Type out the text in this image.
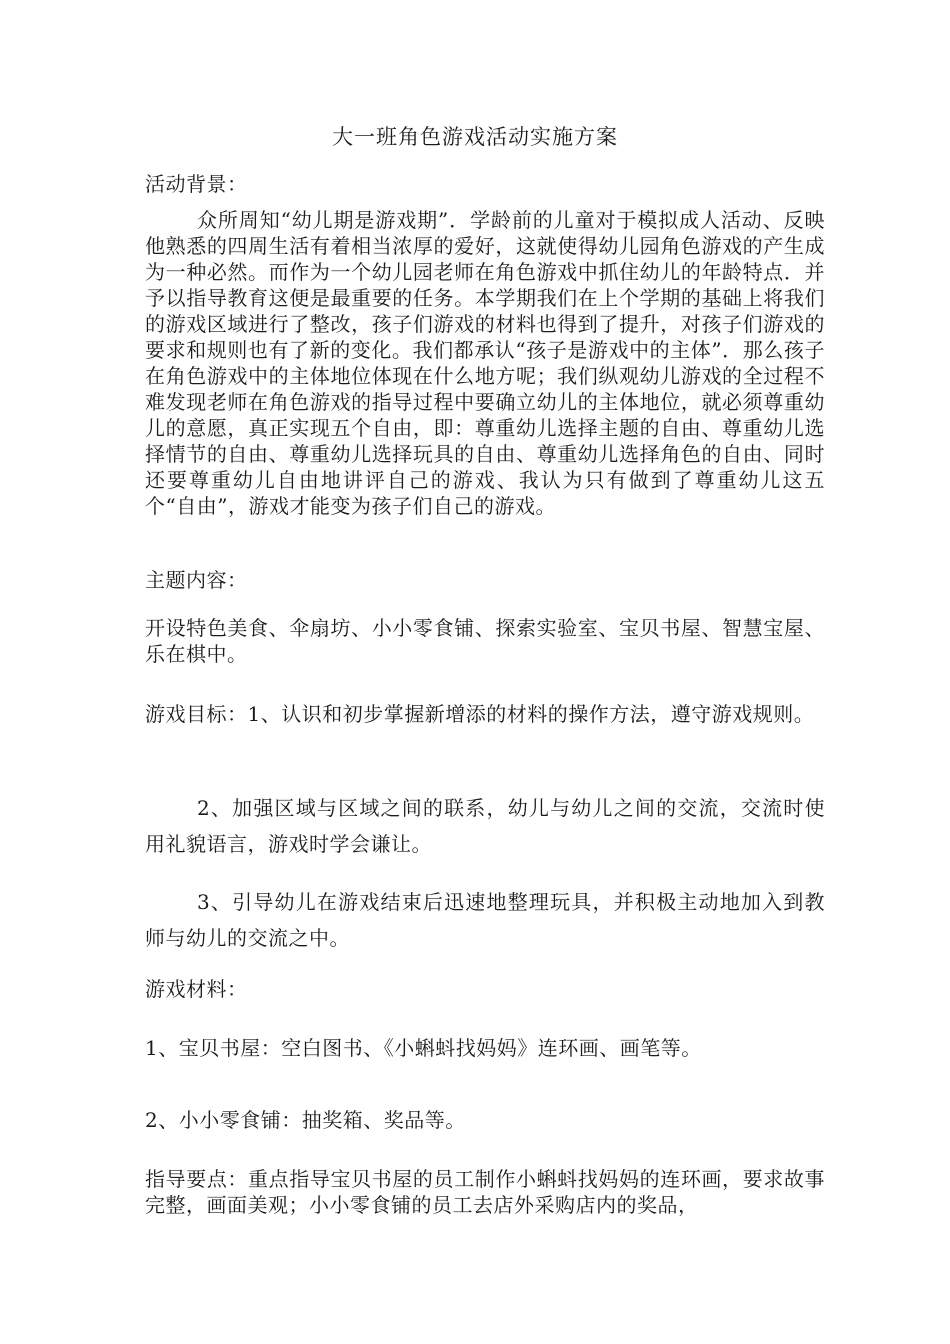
大一班角色游戏活动实施方案

活动背景：

众所周知“幼儿期是游戏期”．学龄前的儿童对于模拟成人活动、反映他熟悉的四周生活有着相当浓厚的爱好，这就使得幼儿园角色游戏的产生成为一种必然。而作为一个幼儿园老师在角色游戏中抓住幼儿的年龄特点．并予以指导教育这便是最重要的任务。本学期我们在上个学期的基础上将我们的游戏区域进行了整改，孩子们游戏的材料也得到了提升，对孩子们游戏的要求和规则也有了新的变化。我们都承认“孩子是游戏中的主体”．那么孩子在角色游戏中的主体地位体现在什么地方呢；我们纵观幼儿游戏的全过程不难发现老师在角色游戏的指导过程中要确立幼儿的主体地位，就必须尊重幼儿的意愿，真正实现五个自由，即：尊重幼儿选择主题的自由、尊重幼儿选择情节的自由、尊重幼儿选择玩具的自由、尊重幼儿选择角色的自由、同时还要尊重幼儿自由地讲评自己的游戏、我认为只有做到了尊重幼儿这五个“自由”，游戏才能变为孩子们自己的游戏。

主题内容：

开设特色美食、伞扇坊、小小零食铺、探索实验室、宝贝书屋、智慧宝屋、乐在棋中。

游戏目标：1、认识和初步掌握新增添的材料的操作方法，遵守游戏规则。

2、加强区域与区域之间的联系，幼儿与幼儿之间的交流，交流时使用礼貌语言，游戏时学会谦让。

3、引导幼儿在游戏结束后迅速地整理玩具，并积极主动地加入到教师与幼儿的交流之中。

游戏材料：

1、宝贝书屋：空白图书、《小蝌蚪找妈妈》连环画、画笔等。

2、小小零食铺：抽奖箱、奖品等。

指导要点：重点指导宝贝书屋的员工制作小蝌蚪找妈妈的连环画，要求故事完整，画面美观；小小零食铺的员工去店外采购店内的奖品，
